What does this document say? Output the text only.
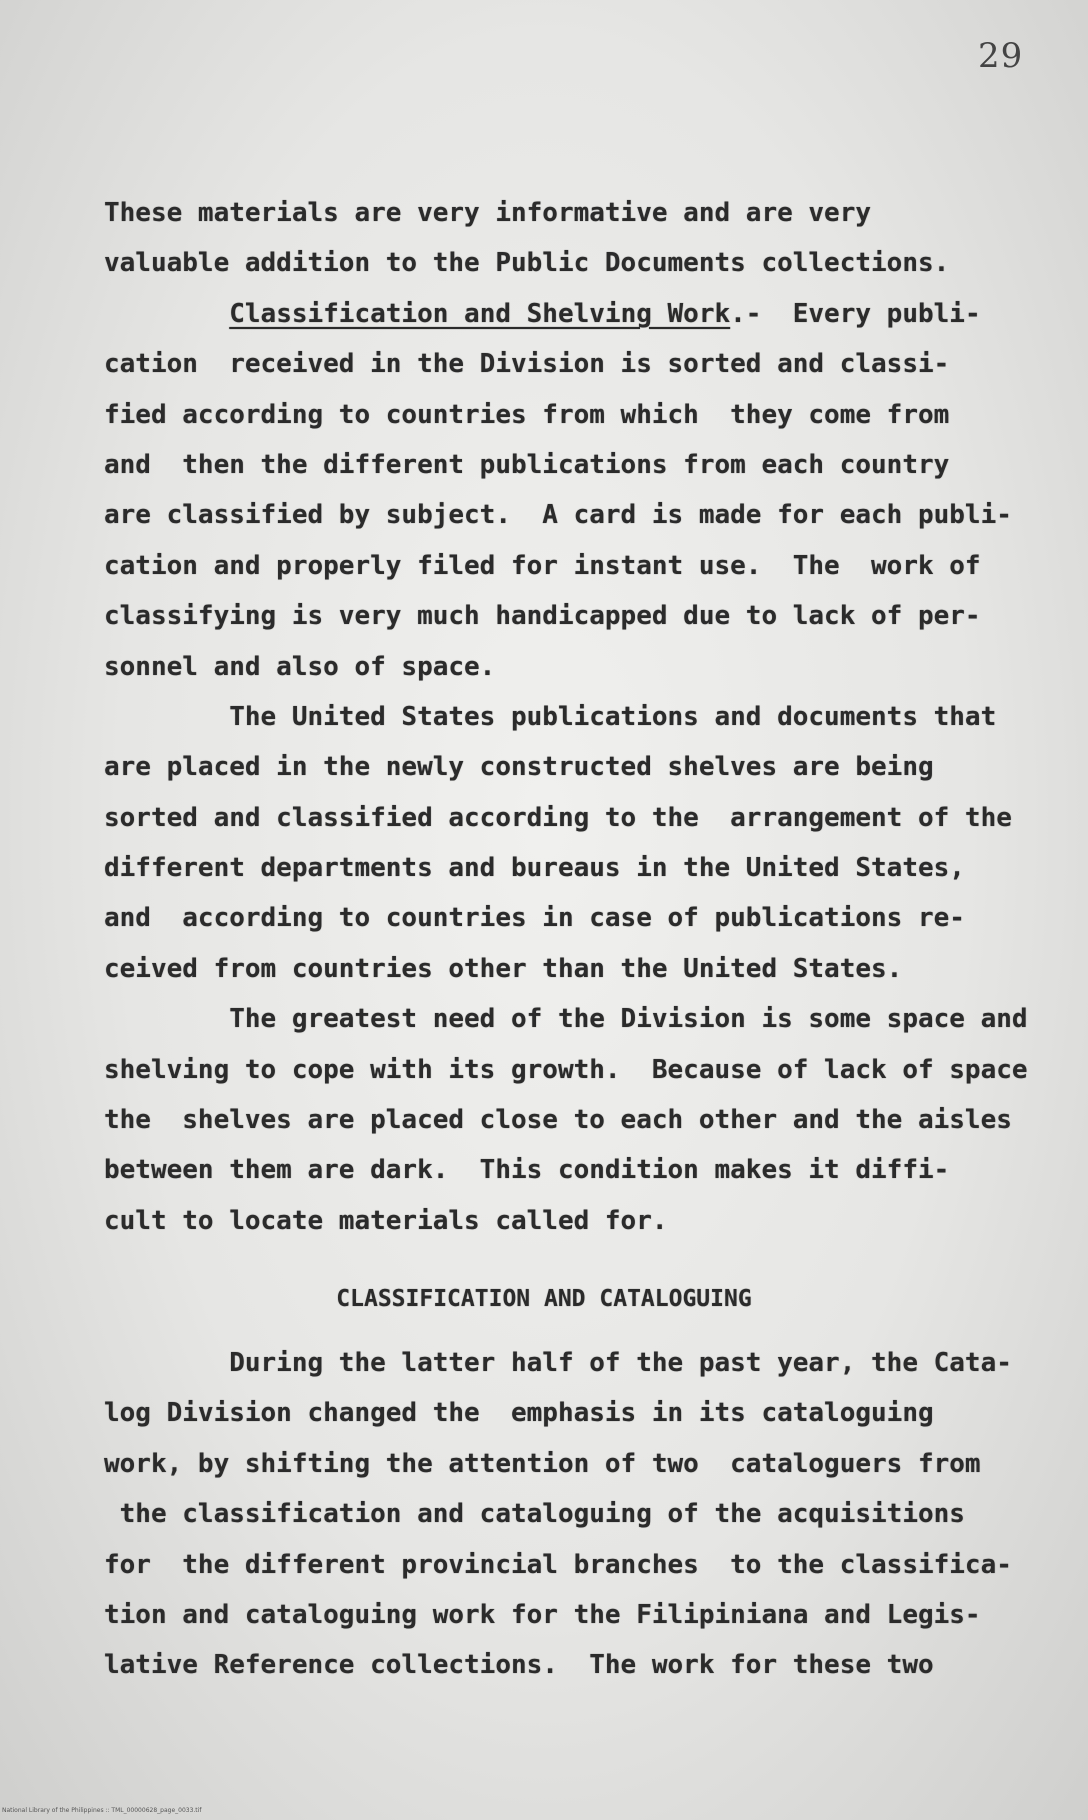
29
These materials are very informative and are very
valuable addition to the Public Documents collections.
Classification and Shelving Work.-  Every publi-
cation  received in the Division is sorted and classi-
fied according to countries from which  they come from
and  then the different publications from each country
are classified by subject.  A card is made for each publi-
cation and properly filed for instant use.  The  work of
classifying is very much handicapped due to lack of per-
sonnel and also of space.
The United States publications and documents that
are placed in the newly constructed shelves are being
sorted and classified according to the  arrangement of the
different departments and bureaus in the United States,
and  according to countries in case of publications re-
ceived from countries other than the United States.
The greatest need of the Division is some space and
shelving to cope with its growth.  Because of lack of space
the  shelves are placed close to each other and the aisles
between them are dark.  This condition makes it diffi-
cult to locate materials called for.
CLASSIFICATION AND CATALOGUING
During the latter half of the past year, the Cata-
log Division changed the  emphasis in its cataloguing
work, by shifting the attention of two  cataloguers from
the classification and cataloguing of the acquisitions
for  the different provincial branches  to the classifica-
tion and cataloguing work for the Filipiniana and Legis-
lative Reference collections.  The work for these two
National Library of the Philippines :: TML_00000628_page_0033.tif
